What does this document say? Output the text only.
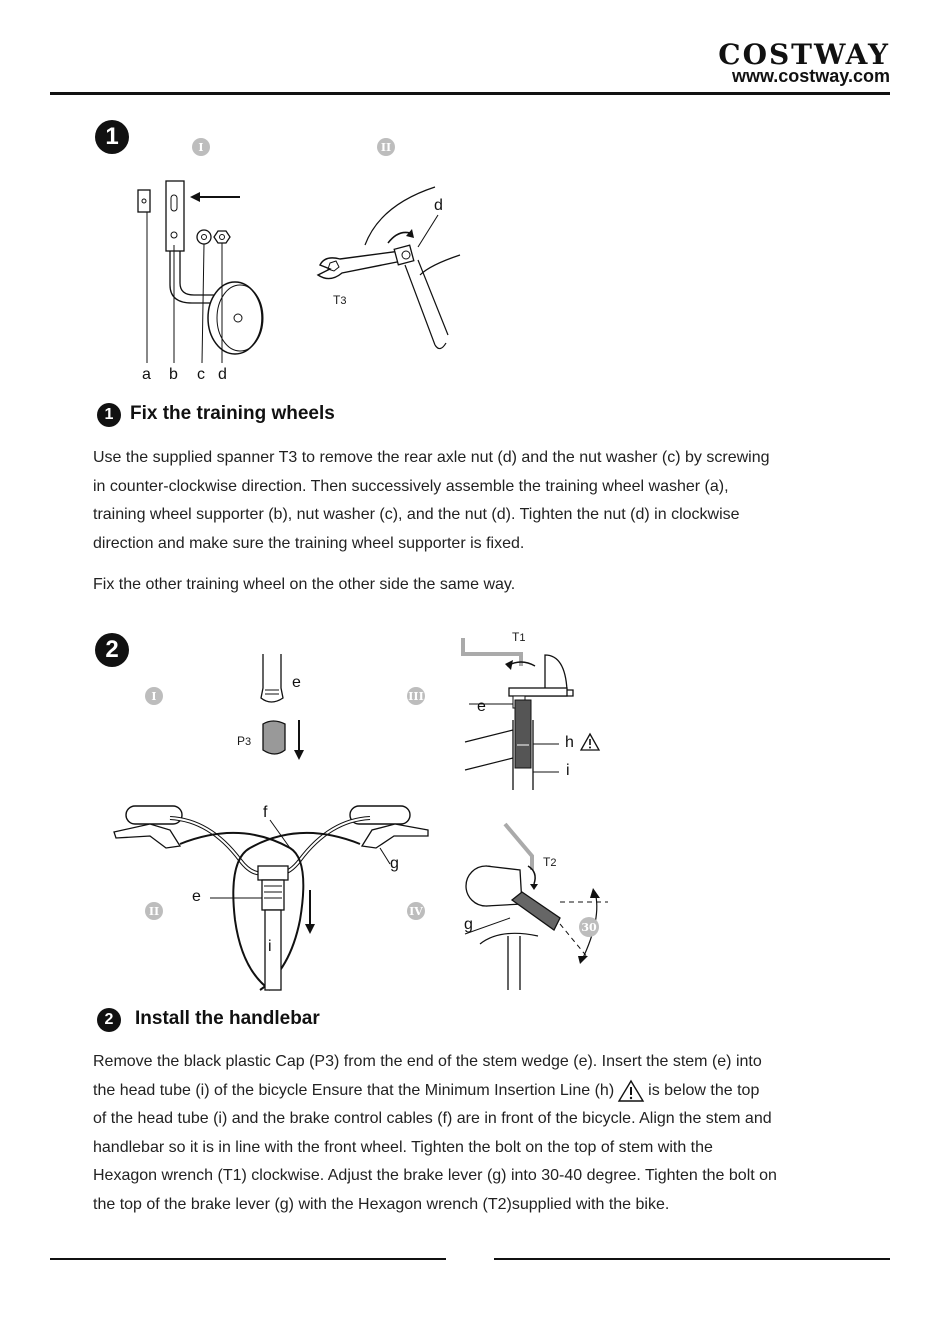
COSTWAY
www.costway.com
1	I	II
a b c d
d
T3
1 Fix the training wheels
Use the supplied spanner T3 to remove the rear axle nut (d) and the nut washer (c) by screwing
in counter-clockwise direction. Then successively assemble the training wheel washer (a),
training wheel supporter (b), nut washer (c), and the nut (d). Tighten the nut (d) in clockwise
direction and make sure the training wheel supporter is fixed.
Fix the other training wheel on the other side the same way.
2
I	III
II	IV
e
P3
T1
e
h
i
f
g
e
i
T2
g	30
2	Install the handlebar
Remove the black plastic Cap (P3) from the end of the stem wedge (e). Insert the stem (e) into
the head tube (i) of the bicycle Ensure that the Minimum Insertion Line (h) is below the top
of the head tube (i) and the brake control cables (f) are in front of the bicycle. Align the stem and
handlebar so it is in line with the front wheel. Tighten the bolt on the top of stem with the
Hexagon wrench (T1) clockwise. Adjust the brake lever (g) into 30-40 degree. Tighten the bolt on
the top of the brake lever (g) with the Hexagon wrench (T2)supplied with the bike.
